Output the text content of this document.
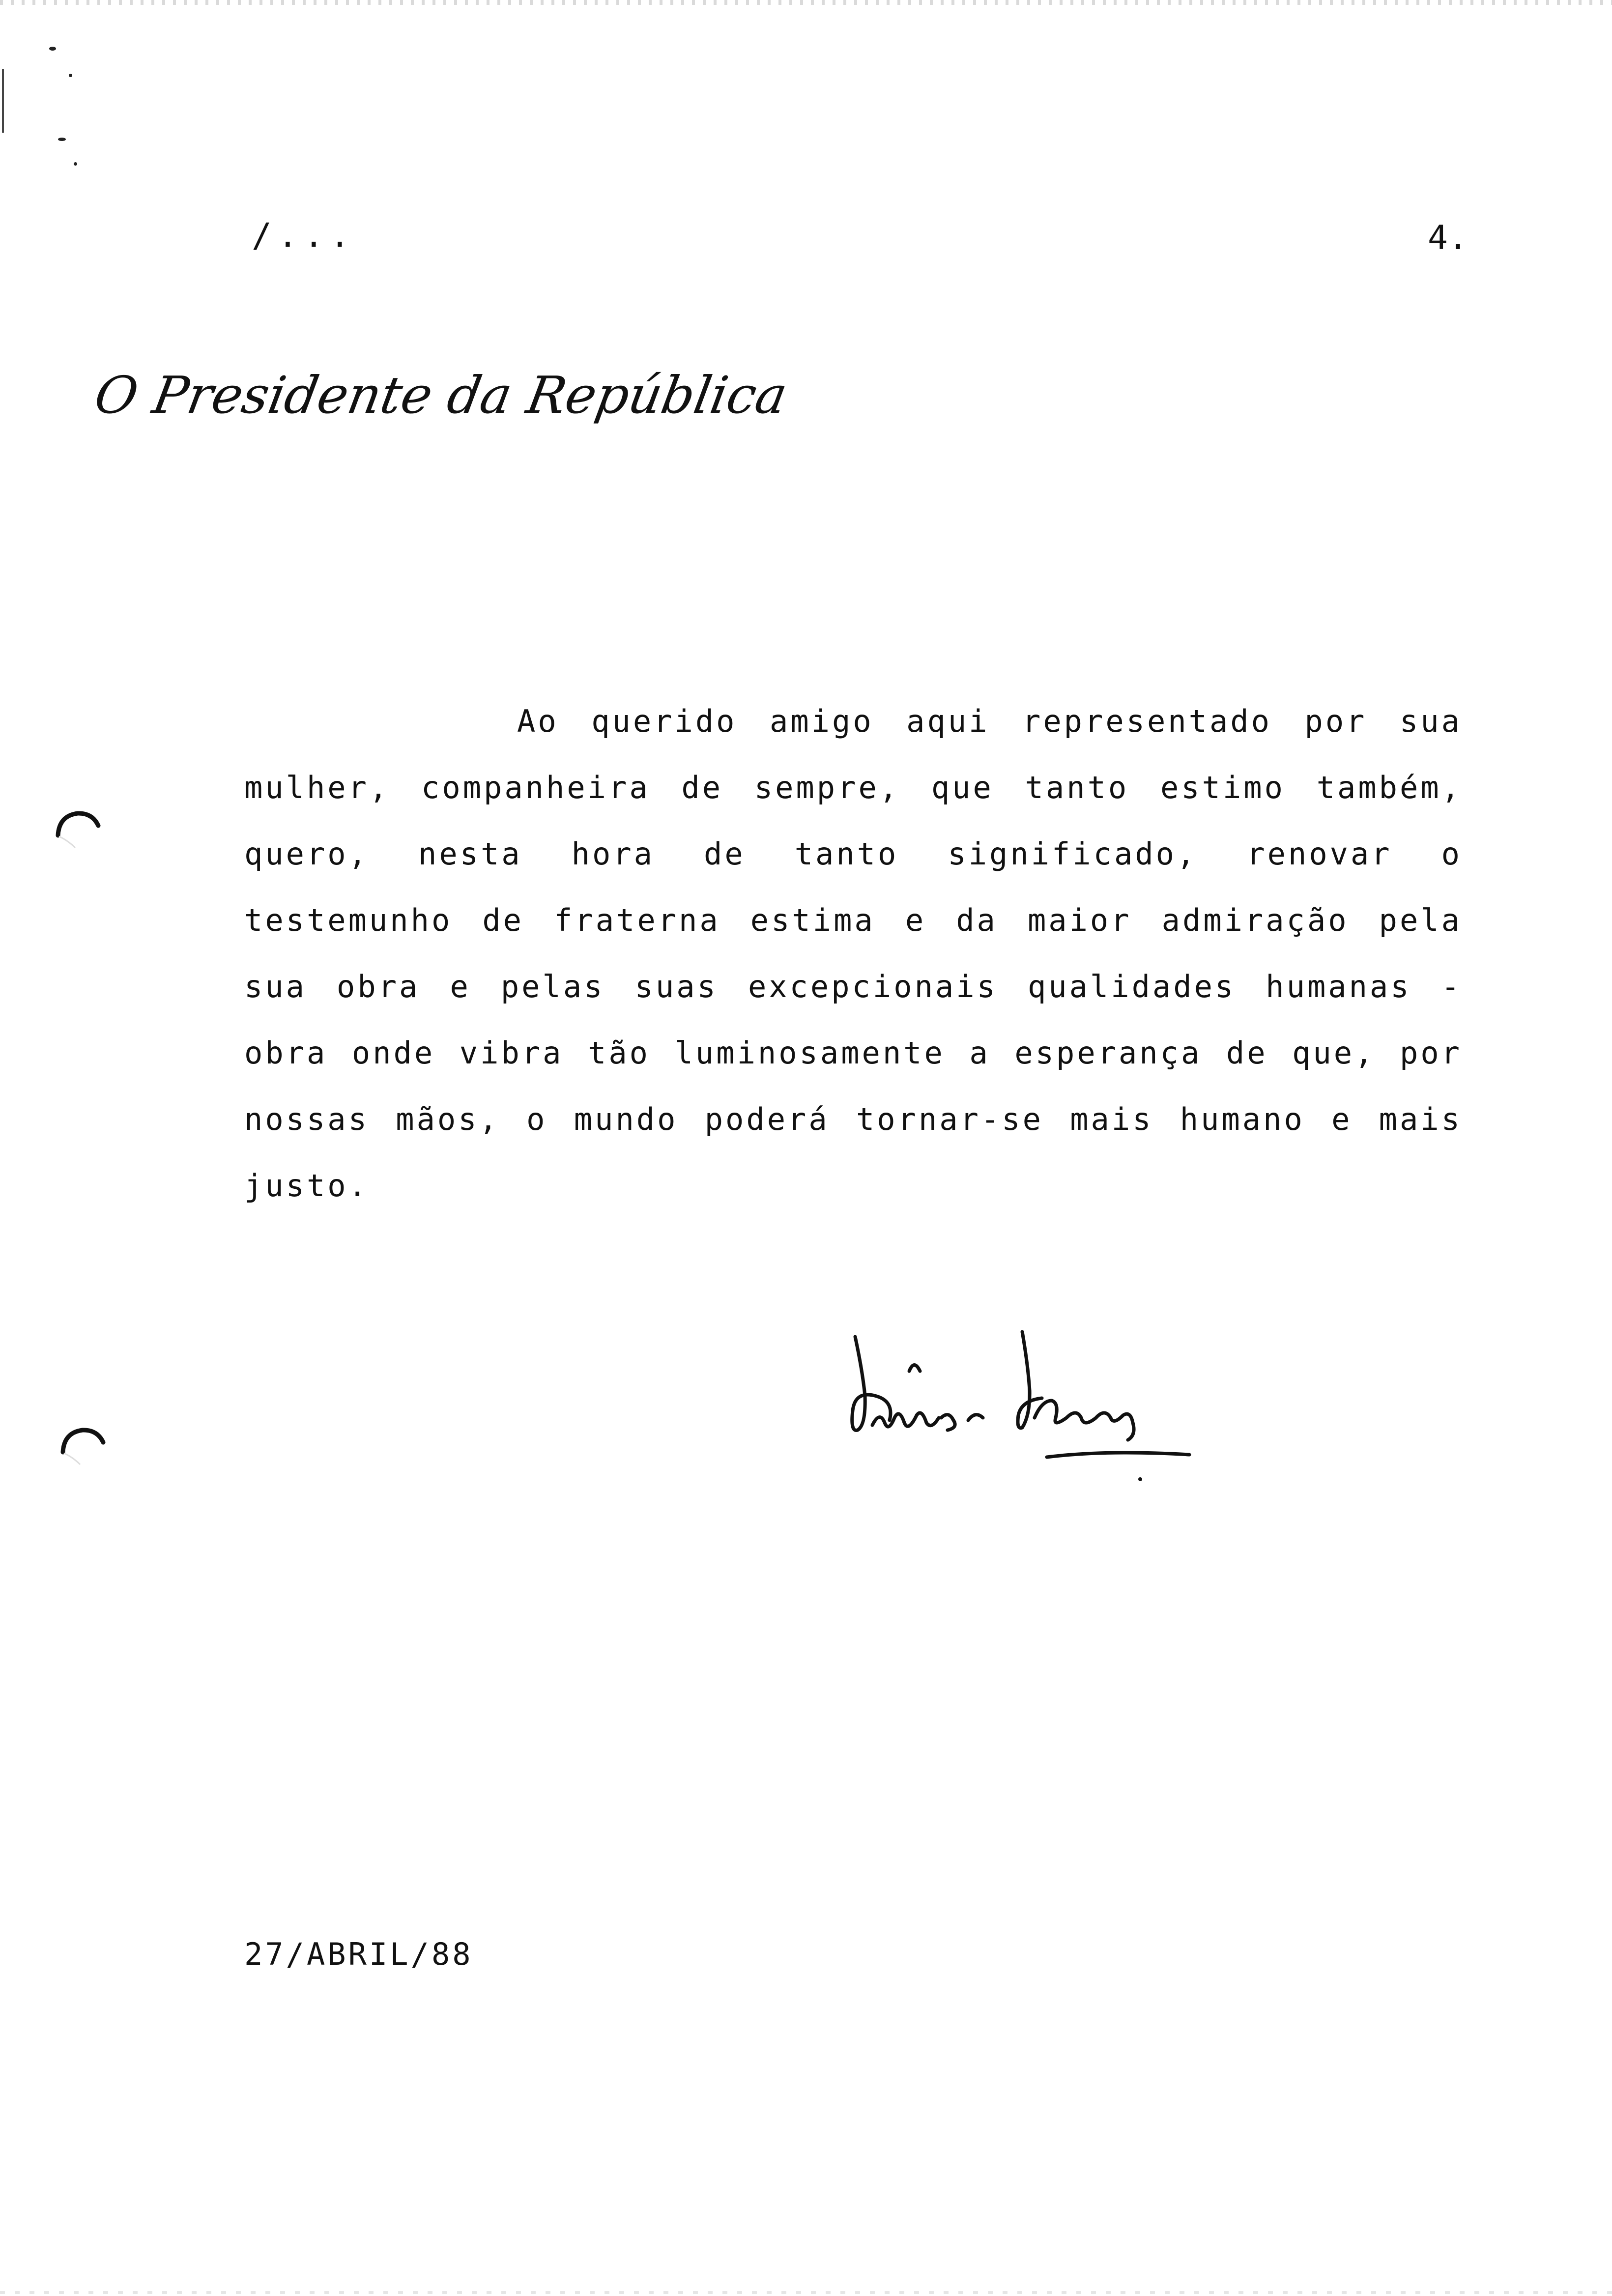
/...	4.
O Presidente da República
Ao querido amigo aqui representado por sua mulher, companheira de sempre, que tanto estimo também, quero, nesta hora de tanto significado, renovar o testemunho de fraterna estima e da maior admiração pela sua obra e pelas suas excepcionais qualidades humanas - obra onde vibra tão luminosamente a esperança de que, por nossas mãos, o mundo poderá tornar-se mais humano e mais justo.
27/ABRIL/88
